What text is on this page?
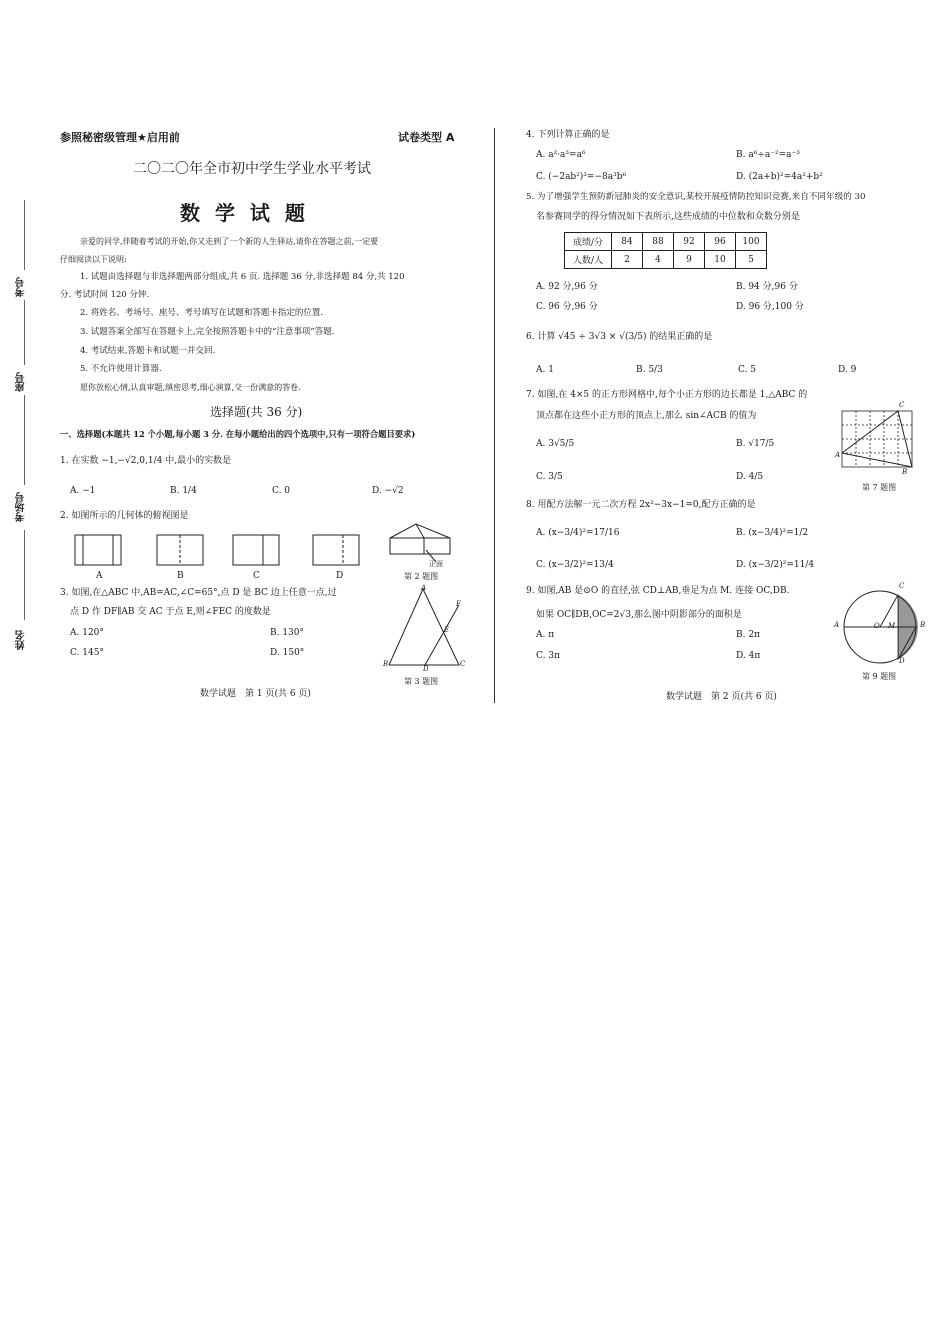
考号
座号
考场号
姓名
参照秘密级管理★启用前	试卷类型 A
二〇二〇年全市初中学生学业水平考试
数 学 试 题
亲爱的同学,伴随着考试的开始,你又走到了一个新的人生驿站,请你在答题之前,一定要
仔细阅读以下说明:
1. 试题由选择题与非选择题两部分组成,共 6 页. 选择题 36 分,非选择题 84 分,共 120
分. 考试时间 120 分钟.
2. 将姓名、考场号、座号、考号填写在试题和答题卡指定的位置.
3. 试题答案全部写在答题卡上,完全按照答题卡中的“注意事项”答题.
4. 考试结束,答题卡和试题一并交回.
5. 不允许使用计算器.
愿你放松心情,认真审题,缜密思考,细心演算,交一份满意的答卷.
选择题(共 36 分)
一、选择题(本题共 12 个小题,每小题 3 分. 在每小题给出的四个选项中,只有一项符合题目要求)
1. 在实数 −1,−√2,0,1/4 中,最小的实数是
A. −1	B. 1/4	C. 0	D. −√2
2. 如图所示的几何体的俯视图是
A	B	C	D
正面
第 2 题图
3. 如图,在△ABC 中,AB=AC,∠C=65°,点 D 是 BC 边上任意一点,过
点 D 作 DF∥AB 交 AC 于点 E,则∠FEC 的度数是
A. 120°	B. 130°
C. 145°	D. 150°
A
F
E
B
D
C
第 3 题图
数学试题　第 1 页(共 6 页)
4. 下列计算正确的是
A. a²·a³=a⁶	B. a⁶÷a⁻²=a⁻³
C. (−2ab²)³=−8a³b⁶	D. (2a+b)²=4a²+b²
5. 为了增强学生预防新冠肺炎的安全意识,某校开展疫情防控知识竞赛,来自不同年级的 30
名参赛同学的得分情况如下表所示,这些成绩的中位数和众数分别是
成绩/分	84	88	92	96	100
人数/人	2	4	9	10	5
A. 92 分,96 分	B. 94 分,96 分
C. 96 分,96 分	D. 96 分,100 分
6. 计算 √45 ÷ 3√3 × √(3/5) 的结果正确的是
A. 1	B. 5/3	C. 5	D. 9
7. 如图,在 4×5 的正方形网格中,每个小正方形的边长都是 1,△ABC 的
顶点都在这些小正方形的顶点上,那么 sin∠ACB 的值为
A. 3√5/5	B. √17/5
C. 3/5	D. 4/5
C
A
B
第 7 题图
8. 用配方法解一元二次方程 2x²−3x−1=0,配方正确的是
A. (x−3/4)²=17/16	B. (x−3/4)²=1/2
C. (x−3/2)²=13/4	D. (x−3/2)²=11/4
9. 如图,AB 是⊙O 的直径,弦 CD⊥AB,垂足为点 M. 连接 OC,DB.
如果 OC∥DB,OC=2√3,那么图中阴影部分的面积是
A. π	B. 2π
C. 3π	D. 4π
C
A	O M	B
D
第 9 题图
数学试题　第 2 页(共 6 页)
